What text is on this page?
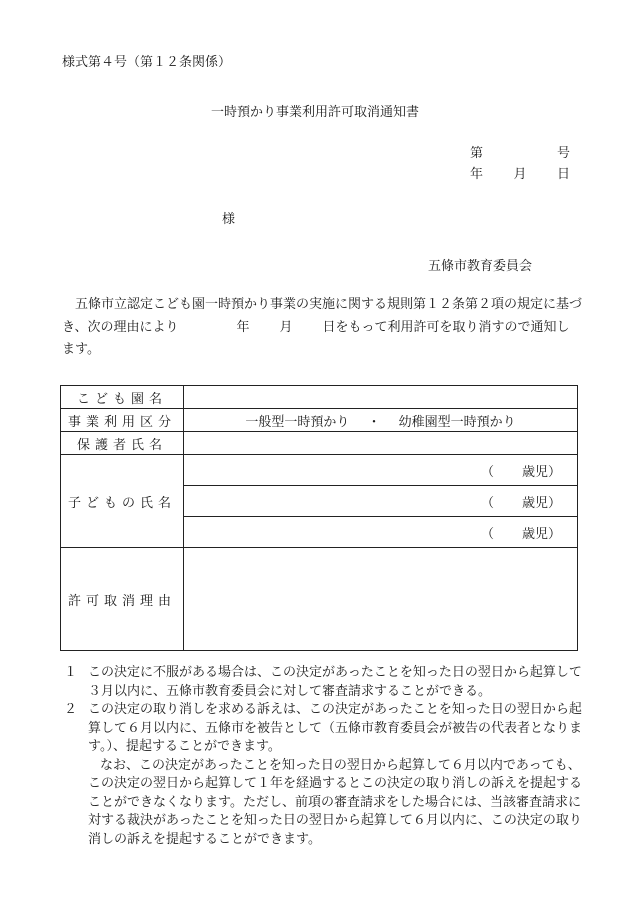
様式第４号（第１２条関係）
一時預かり事業利用許可取消通知書
第	号
年 月 日
様
五條市教育委員会
　五條市立認定こども園一時預かり事業の実施に関する規則第１２条第２項の規定に基づき、次の理由により	年 月 日をもって利用許可を取り消すので通知します。
こども園名	
事業利用区分	一般型一時預かり ・ 幼稚園型一時預かり
保護者氏名	
子どもの氏名	（ 歳児）
	（ 歳児）
	（ 歳児）
許可取消理由	
１ この決定に不服がある場合は、この決定があったことを知った日の翌日から起算して３月以内に、五條市教育委員会に対して審査請求することができる。
２ この決定の取り消しを求める訴えは、この決定があったことを知った日の翌日から起算して６月以内に、五條市を被告として（五條市教育委員会が被告の代表者となります。）、提起することができます。
なお、この決定があったことを知った日の翌日から起算して６月以内であっても、この決定の翌日から起算して１年を経過するとこの決定の取り消しの訴えを提起することができなくなります。ただし、前項の審査請求をした場合には、当該審査請求に対する裁決があったことを知った日の翌日から起算して６月以内に、この決定の取り消しの訴えを提起することができます。
